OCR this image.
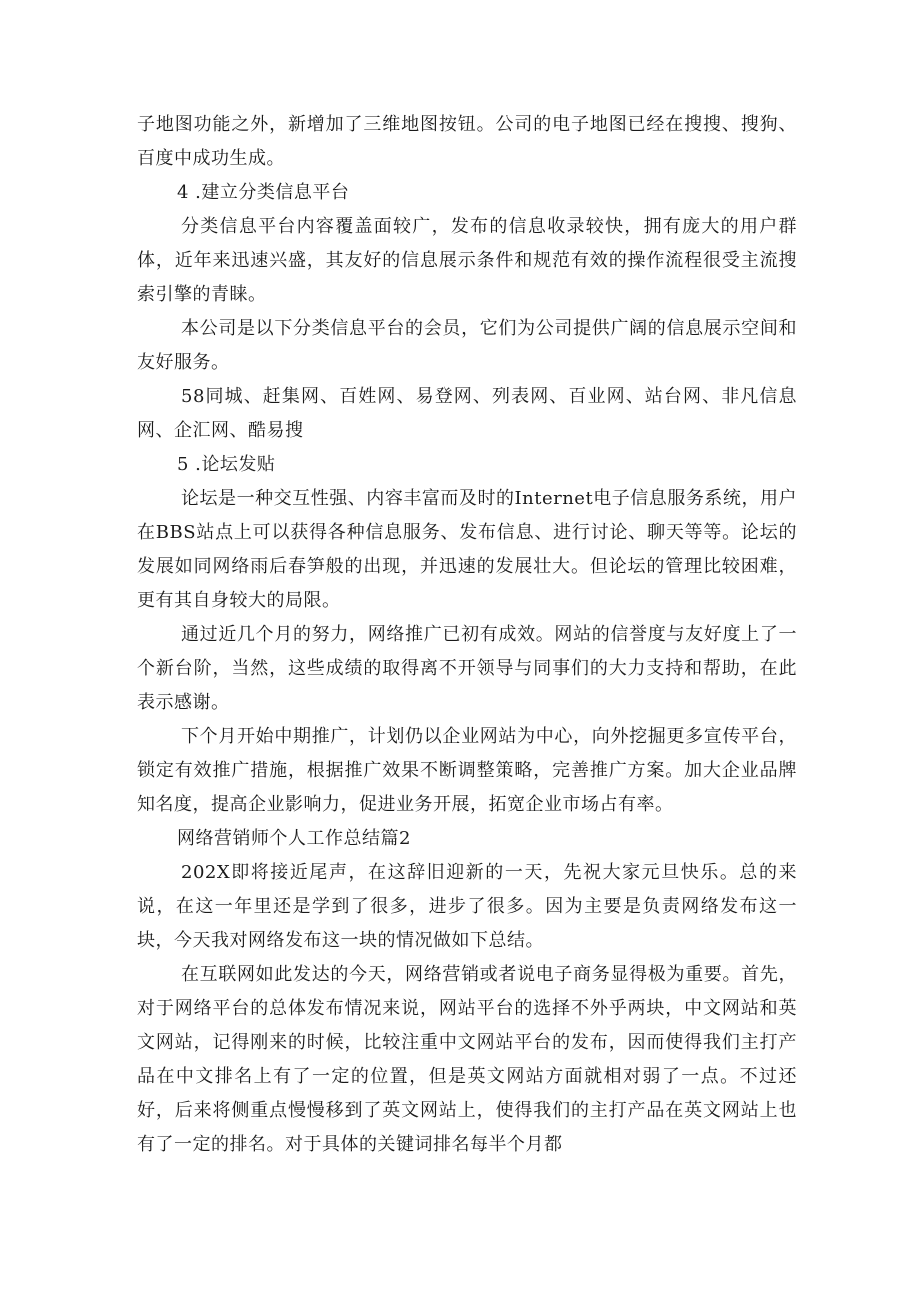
子地图功能之外，新增加了三维地图按钮。公司的电子地图已经在搜搜、搜狗、百度中成功生成。

4 .建立分类信息平台

分类信息平台内容覆盖面较广，发布的信息收录较快，拥有庞大的用户群体，近年来迅速兴盛，其友好的信息展示条件和规范有效的操作流程很受主流搜索引擎的青睐。

本公司是以下分类信息平台的会员，它们为公司提供广阔的信息展示空间和友好服务。

58同城、赶集网、百姓网、易登网、列表网、百业网、站台网、非凡信息网、企汇网、酷易搜

5 .论坛发贴

论坛是一种交互性强、内容丰富而及时的Internet电子信息服务系统，用户在BBS站点上可以获得各种信息服务、发布信息、进行讨论、聊天等等。论坛的发展如同网络雨后春笋般的出现，并迅速的发展壮大。但论坛的管理比较困难，更有其自身较大的局限。

通过近几个月的努力，网络推广已初有成效。网站的信誉度与友好度上了一个新台阶，当然，这些成绩的取得离不开领导与同事们的大力支持和帮助，在此表示感谢。

下个月开始中期推广，计划仍以企业网站为中心，向外挖掘更多宣传平台，锁定有效推广措施，根据推广效果不断调整策略，完善推广方案。加大企业品牌知名度，提高企业影响力，促进业务开展，拓宽企业市场占有率。

网络营销师个人工作总结篇2

202X即将接近尾声，在这辞旧迎新的一天，先祝大家元旦快乐。总的来说，在这一年里还是学到了很多，进步了很多。因为主要是负责网络发布这一块，今天我对网络发布这一块的情况做如下总结。

在互联网如此发达的今天，网络营销或者说电子商务显得极为重要。首先，对于网络平台的总体发布情况来说，网站平台的选择不外乎两块，中文网站和英文网站，记得刚来的时候，比较注重中文网站平台的发布，因而使得我们主打产品在中文排名上有了一定的位置，但是英文网站方面就相对弱了一点。不过还好，后来将侧重点慢慢移到了英文网站上，使得我们的主打产品在英文网站上也有了一定的排名。对于具体的关键词排名每半个月都
